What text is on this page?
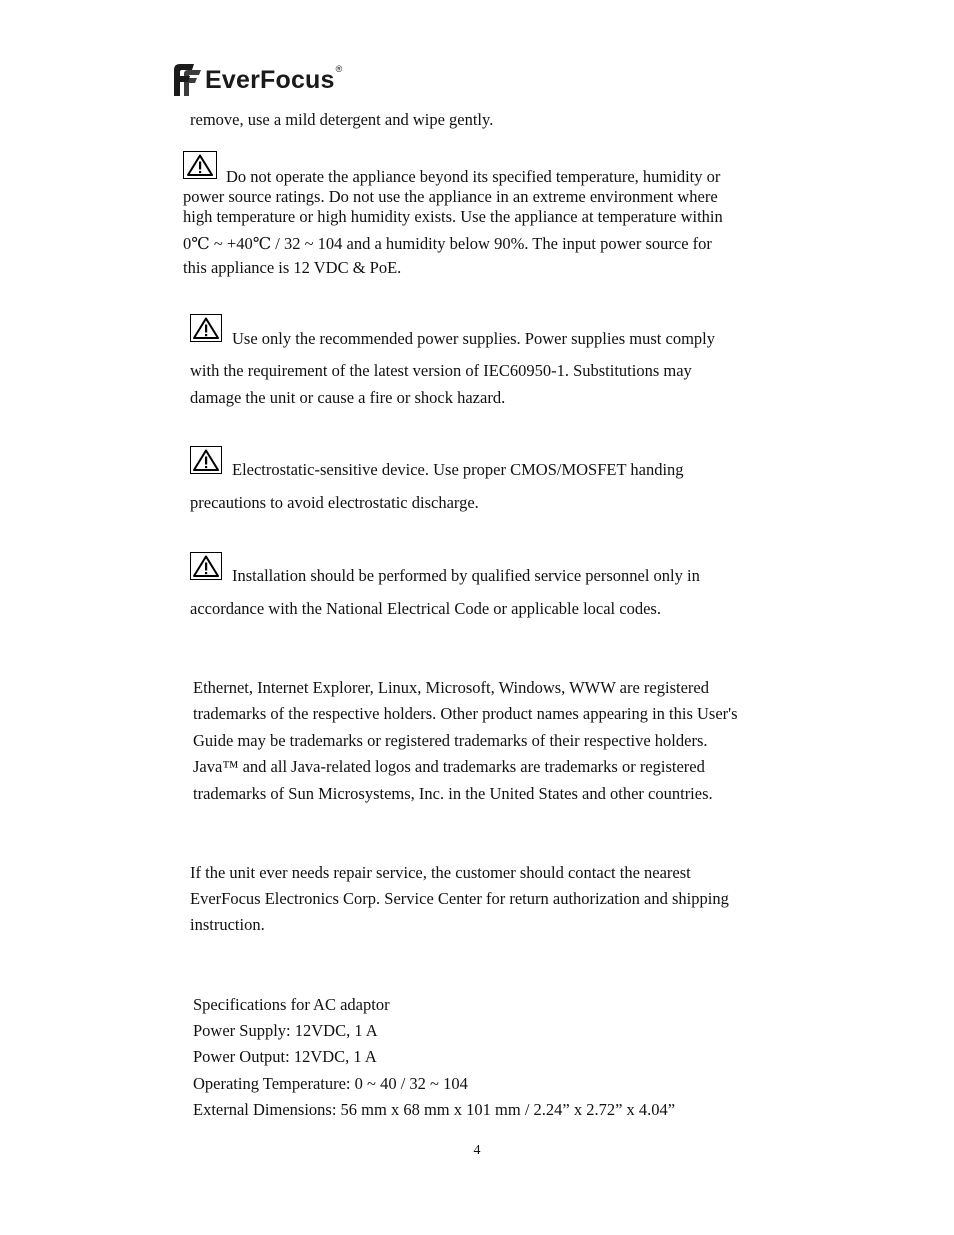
EverFocus ®
remove, use a mild detergent and wipe gently.
Do not operate the appliance beyond its specified temperature, humidity or
power source ratings. Do not use the appliance in an extreme environment where
high temperature or high humidity exists. Use the appliance at temperature within
0℃ ~ +40℃ / 32 ~ 104 and a humidity below 90%. The input power source for
this appliance is 12 VDC & PoE.
Use only the recommended power supplies. Power supplies must comply
with the requirement of the latest version of IEC60950-1. Substitutions may
damage the unit or cause a fire or shock hazard.
Electrostatic-sensitive device. Use proper CMOS/MOSFET handing
precautions to avoid electrostatic discharge.
Installation should be performed by qualified service personnel only in
accordance with the National Electrical Code or applicable local codes.
Ethernet, Internet Explorer, Linux, Microsoft, Windows, WWW are registered
trademarks of the respective holders. Other product names appearing in this User's
Guide may be trademarks or registered trademarks of their respective holders.
Java™ and all Java-related logos and trademarks are trademarks or registered
trademarks of Sun Microsystems, Inc. in the United States and other countries.
If the unit ever needs repair service, the customer should contact the nearest
EverFocus Electronics Corp. Service Center for return authorization and shipping
instruction.
Specifications for AC adaptor
Power Supply: 12VDC, 1 A
Power Output: 12VDC, 1 A
Operating Temperature: 0 ~ 40 / 32 ~ 104
External Dimensions: 56 mm x 68 mm x 101 mm / 2.24” x 2.72” x 4.04”
4
